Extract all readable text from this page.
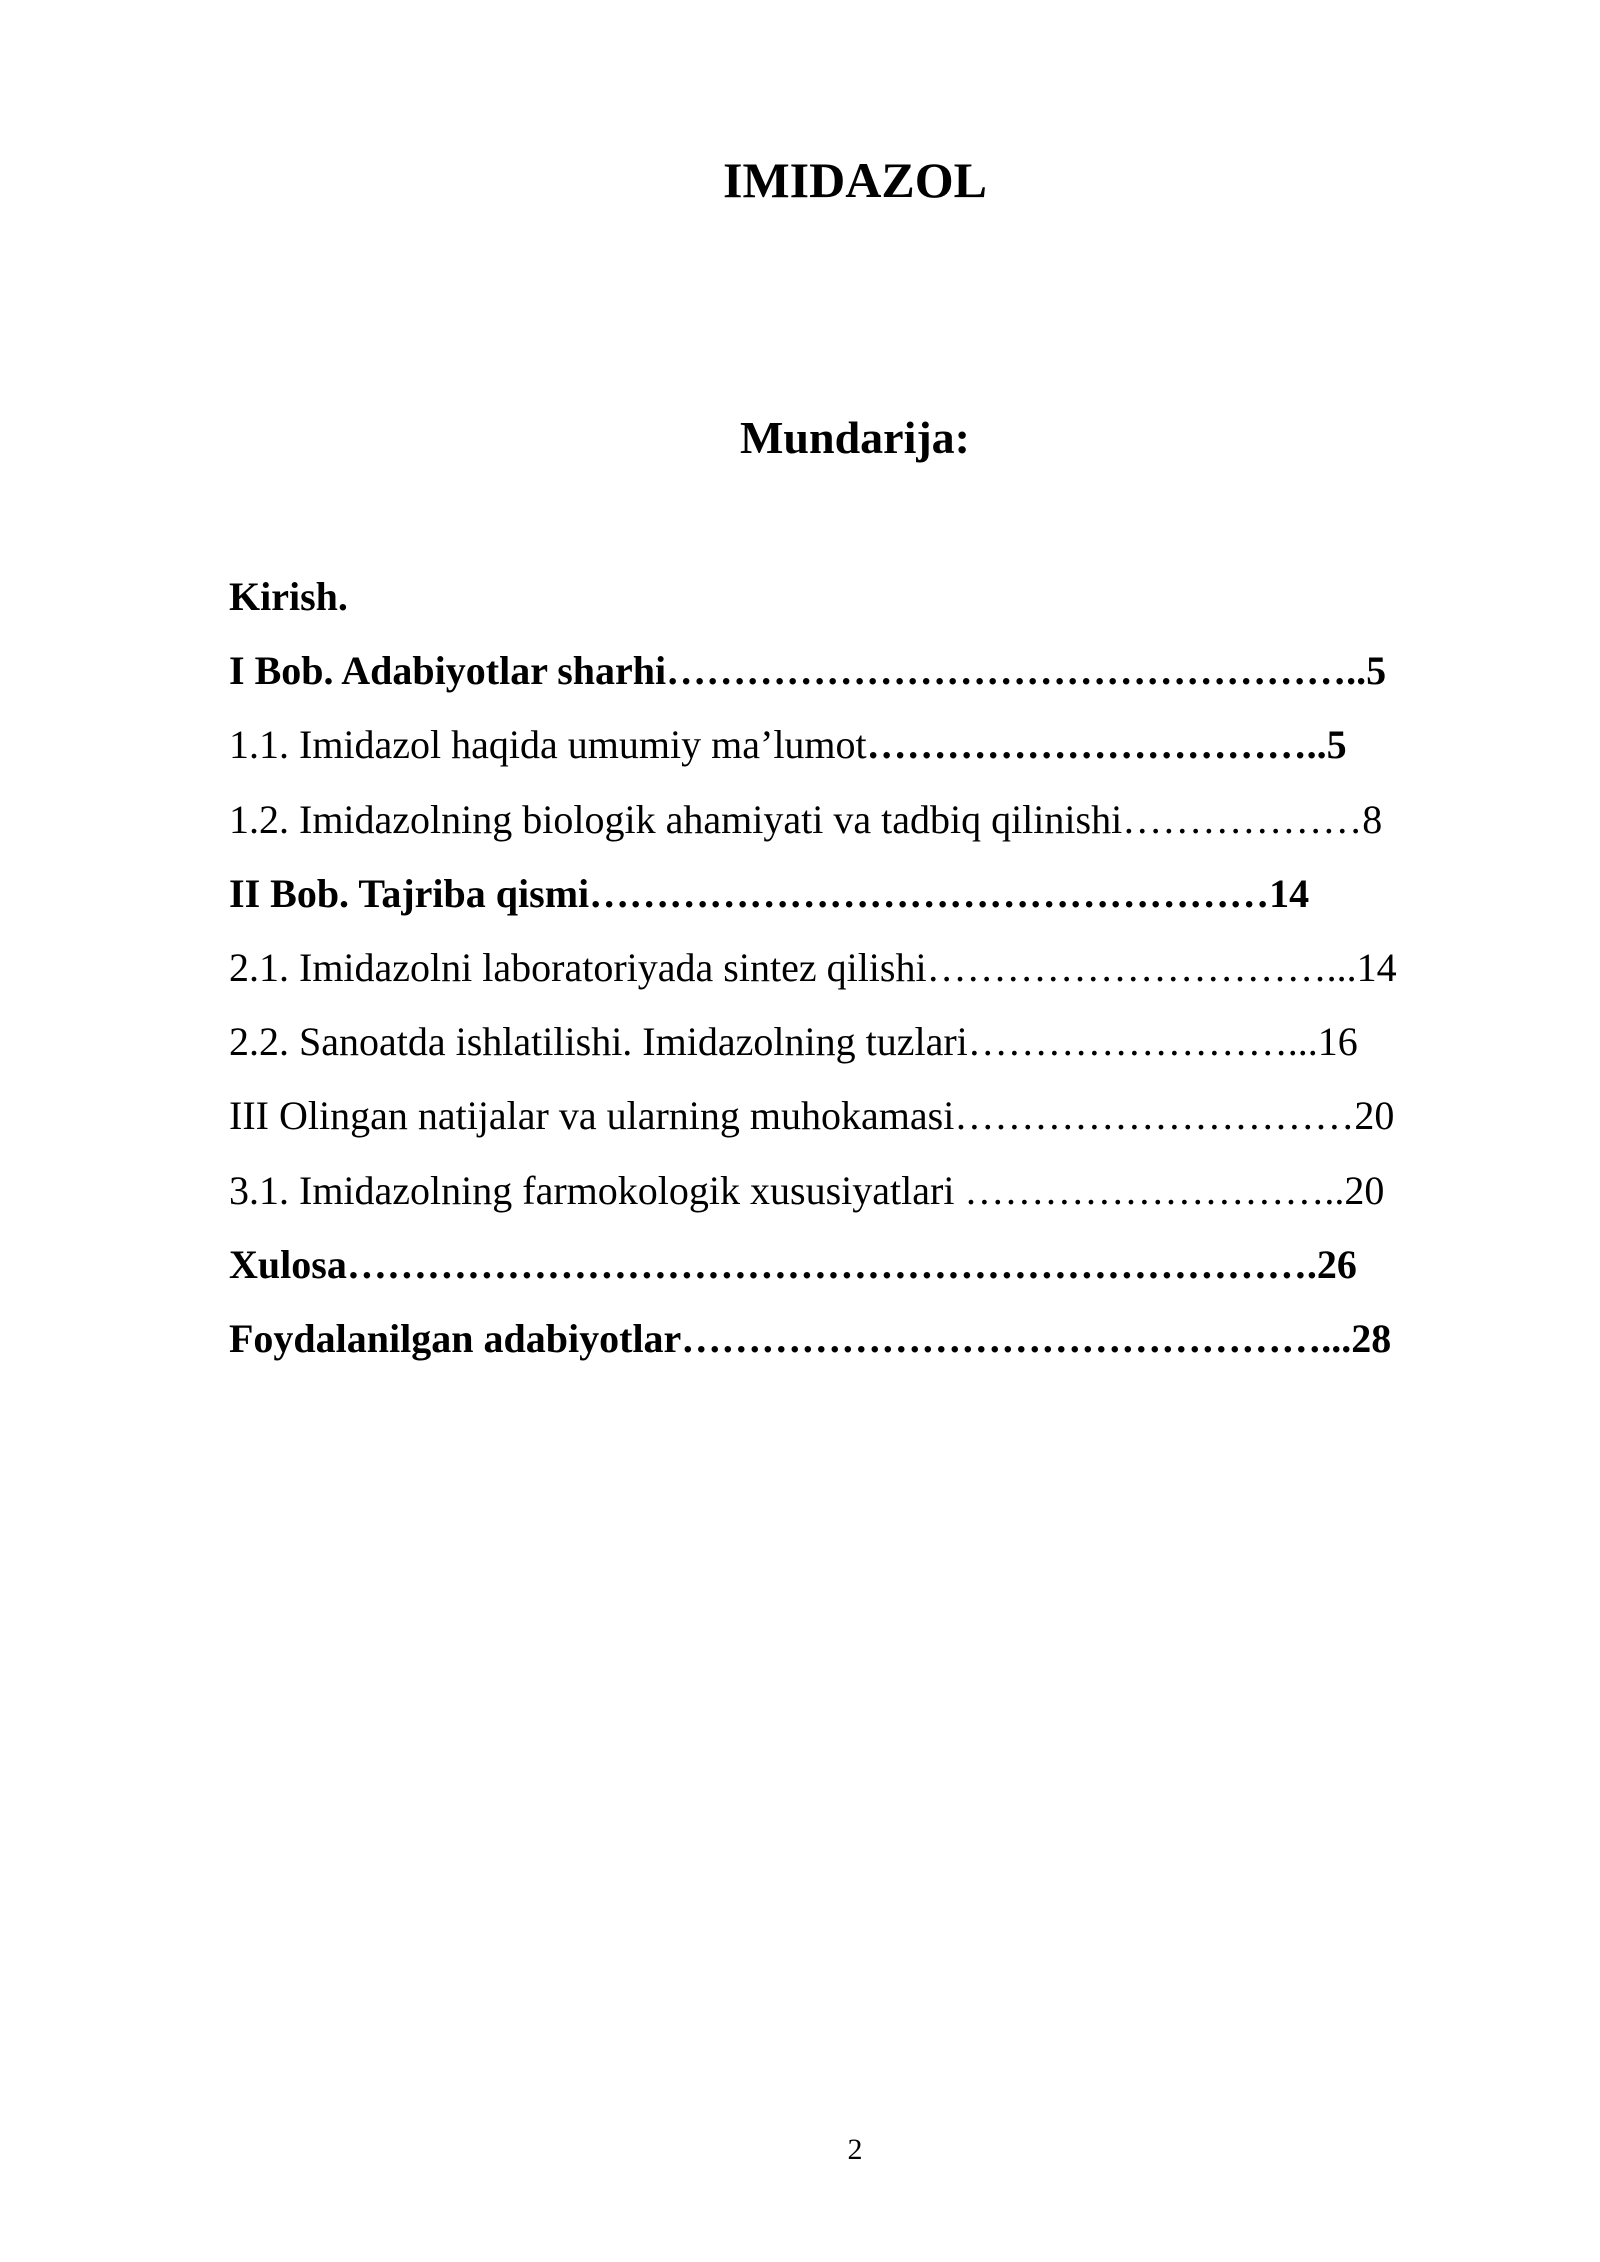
IMIDAZOL
Mundarija:
Kirish.
I Bob. Adabiyotlar sharhi……………………………………………..5
1.1. Imidazol haqida umumiy ma’lumot……………………………..5
1.2. Imidazolning biologik ahamiyati va tadbiq qilinishi………………8
II Bob. Tajriba qismi……………………………………………14
2.1. Imidazolni laboratoriyada sintez qilishi…………………………...14
2.2. Sanoatda ishlatilishi. Imidazolning tuzlari……………………...16
III Olingan natijalar va ularning muhokamasi…………………………20
3.1. Imidazolning farmokologik xususiyatlari ………………………..20
Xulosa……………………………………………………………….26
Foydalanilgan adabiyotlar…………………………………………...28
2
